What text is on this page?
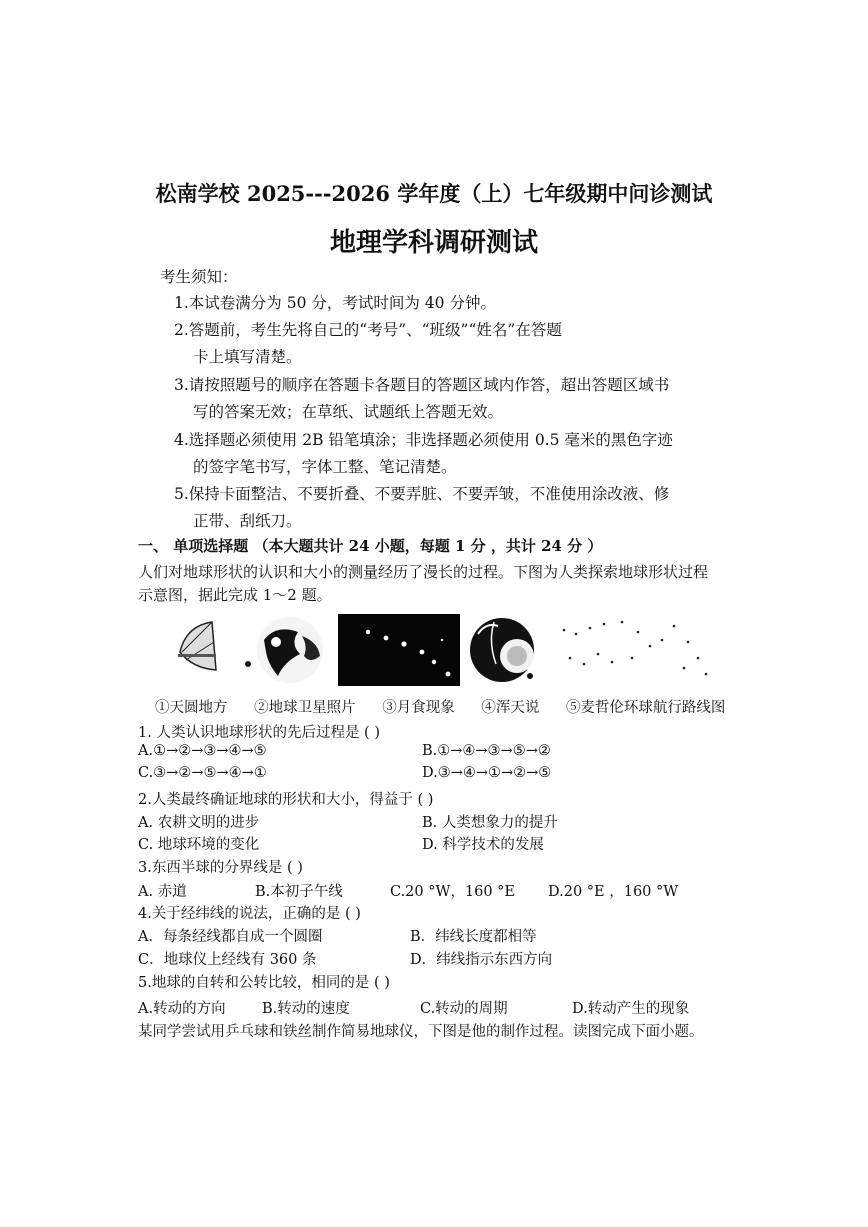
松南学校 2025---2026 学年度（上）七年级期中问诊测试
地理学科调研测试
考生须知：
1.本试卷满分为 50 分，考试时间为 40 分钟。
2.答题前，考生先将自己的“考号”、“班级”“姓名”在答题
卡上填写清楚。
3.请按照题号的顺序在答题卡各题目的答题区域内作答，超出答题区域书
写的答案无效；在草纸、试题纸上答题无效。
4.选择题必须使用 2B 铅笔填涂；非选择题必须使用 0.5 毫米的黑色字迹
的签字笔书写，字体工整、笔记清楚。
5.保持卡面整洁、不要折叠、不要弄脏、不要弄皱，不准使用涂改液、修
正带、刮纸刀。
一、 单项选择题 （本大题共计 24 小题，每题 1 分 ，共计 24 分 ）
人们对地球形状的认识和大小的测量经历了漫长的过程。下图为人类探索地球形状过程
示意图，据此完成 1～2 题。
①天圆地方 ②地球卫星照片 ③月食现象 ④浑天说 ⑤麦哲伦环球航行路线图
1. 人类认识地球形状的先后过程是 ( )
A.①→②→③→④→⑤	B.①→④→③→⑤→②
C.③→②→⑤→④→①	D.③→④→①→②→⑤
2.人类最终确证地球的形状和大小，得益于 ( )
A. 农耕文明的进步	B. 人类想象力的提升
C. 地球环境的变化	D. 科学技术的发展
3.东西半球的分界线是 ( )
A. 赤道	B.本初子午线	C.20 °W，160 °E D.20 °E ，160 °W
4.关于经纬线的说法，正确的是 ( )
A．每条经线都自成一个圆圈	B．纬线长度都相等
C．地球仪上经线有 360 条	D．纬线指示东西方向
5.地球的自转和公转比较，相同的是 ( )
A.转动的方向	B.转动的速度	C.转动的周期	D.转动产生的现象
某同学尝试用乒乓球和铁丝制作简易地球仪，下图是他的制作过程。读图完成下面小题。
